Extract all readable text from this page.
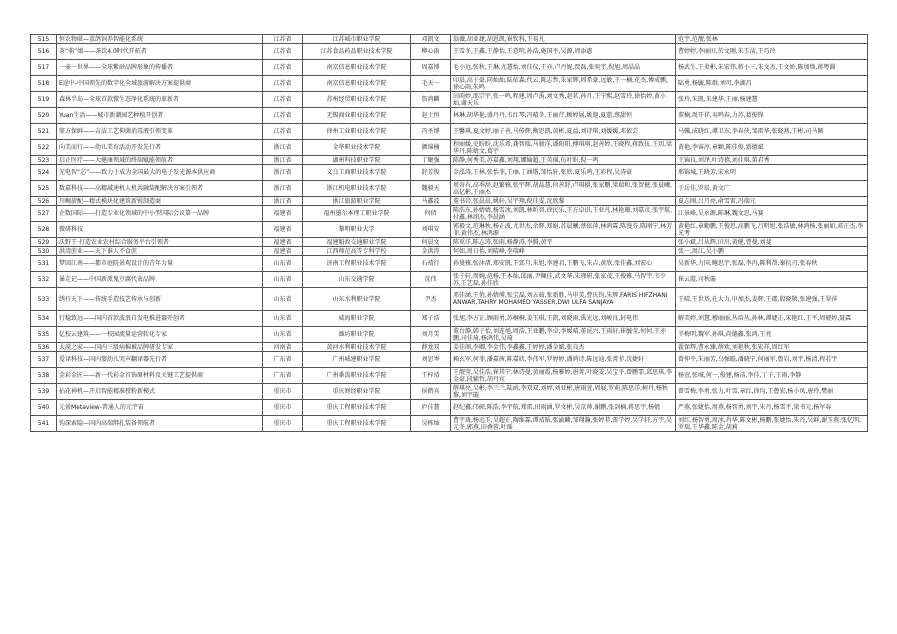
515	恒农物联—蛋鸽饲养智能化系统	江苏省	江苏城市职业学院	邓凯文	翁薇,胡亚捷,胡恩凯,崔钦科,王易凡	范宇,范靓,张林
516	茶“萌”娘——茶饮4.0时代开拓者	江苏省	江苏食品药品职业技术学院	柳心雨	王雪冬,王鑫,王静怡,王意明,孙浩,施国平,吴源,周添惠	曹婷婷,李丽田,於文刚,朱玉洁,王巧玲
517	一壶一世界——全球紫砂品牌形象的传播者	江苏省	南京信息职业技术学院	周嘉博	毛小远,张秋,王琳,尤慧怡,刘佳仪,王亦,卢丹妮,贾磊,张奕宇,倪旭,周晶晶	杨武生,王炎彬,朱宏伟,蒋小三,朱文杰,王文娇,陈加焕,蒋粤圆
518	E途中-中国领先的数字化全域旅游解决方案提供商	江苏省	南京信息职业技术学院	毛天一	印晨,高于豪,同灿灿,陆依森,代云,陈志哲,朱家辉,周希豪,远敏,王一楠,花杰,傅成鹏,徐心雨,朱鸣	陆勇,杨毓,陈群,刘可,李湖昌
519	森林半岛—全球首款微生态净化系统的革新者	江苏省	苏州经贸职业技术学院	詹鸿麟	田雨婷,邵宗宇,张一鸣,程建,周卢禹,刘文秀,赵茗,孙月,王宁熙,赵雪玲,徐怡婷,黄小灿,谢天乐	张玲,朱凯,朱建华,王丽,杨建慧
520	Yuan生活——城市新潮园艺种植开创者	江苏省	无锡商业职业技术学院	赵士恒	林琳,胡华艳,盛丹丹,韦红琴,冯晴冬,王丽芹,顾婷展,姚迦,夏慈,蔡甜恒	董楠,周开祥,夷鸣春,力苏,葛俊锋
521	简方保鲜——吉洁工艺抑菌消毒液引领变革	江苏省	徐州工业职业技术学院	冯圣博	王馨琪,夏文婷,丽子善,马传辉,衡思凯,黄彬,夏益,刘诗琪,刘媛媛,邓依芸	马骥,成晓红,谭卫东,李春侠,邹雷华,张晓燕,王彬,司马颍
522	向美而行——幼儿美育活动开发先行者	浙江省	金华职业技术学院	颜锦楠	程丽媛,史盼盼,沈乐希,龚智瑞,马骏洋,潘阳阳,傅琪琪,赵善婷,王晓程,蒋致伍,王玥,梁华丹,陈婧文,葛宇	黄艳,李睿淳,章颖,陈佳俊,新德斌
523	启正医疗——大健康领域的终端赋能领航者	浙江省	湖州科技职业学院	丁聚强	陈静,何秀美,苏嘉鑫,刘翔,娜愉超,王英瑶,伍叶盼,倪一鸣	王锦良,刘泽,叶诗禧,刘佳琪,董君秀
524	光电智“芯”——致力于成为全国最大的电子发光源本供应商	浙江省	义乌工商职业技术学院	舒芳俊	金泓涛,王林,张怡菲,王丽,丁涵锴,邹怡轩,张欣,夏乐鸣,王彩程,吴涛豪	邢锦城,王晓芳,宋永明
525	数嘉科技——高精减速机人机共融装配解决方案引领者	浙江省	浙江机电职业技术学院	魏毅天	周奇有,高季辞,赵繁雅,张宇辉,胡晶慧,何善舒,卢琪棋,张家鹏,梁瑞和,张贺健,张晨曦,高亿彬,王丽杰	于岳佳,罗辰,黄文广
526	川畹旋配—精式模块化建筑新锐制造商	浙江省	浙江旅游职业学院	马鑫波	董书岩,张晨晨,姚轩,吴宇翔,倪佳雯,沈欣黎	夏志刚,吕月亮,俞雪雷,冯瑞元
527	企数国际——打造专业化领域的中小型国际会议第一品牌	福建省	福州墨尔本理工职业学院	何倩	陈浩东,孙婧婧,杨雪冰,刘凯,林昕智,徐民乐,王方卓识,王亚凡,林艳珊,刘嘉彦,张宇航,付鑫,林翊杰,李晨涵	江景峰,吴永源,陈琳,魏文思,马赛
528	微研科技	福建省	黎明职业大学	刘琪安	郭毅文,范琳秋,杨正波,尤世杰,余辉,郑娟,苏晨曦,蔡依萍,林鸿霖,陈漫芬,陈刚宁,林芳菲,黄伟杰,林鸿源	黄艳红,章勤鹏,王俊思,高鹏飞,吕明旭,张浩敏,林鸿杨,张丽如,邓正杰,李光考
529	沃野王·打造农业农村综合服务平台引领者	福建省	福建船政交通职业学院	何晨文	陈重洋,陈志涛,张雨,杨静涛,李腾,黄宇	张小斌,吕从辉,田川,黄健,曹曼,刘斐
530	洪湾蔗业——天下谁人不食蔗	福建省	江西师范高等专科学校	金洪涛	何如,周日怡,刘晴峰,李瑞峰	张一,周江,吴小鹏
531	梦回江南——都市庭院景观设计的青年力量	山东省	济南工程职业技术学院	石靖行	孙曼雅,张沐渚,郑安凯,王郅月,朱旭,李建君,王鹏飞,朱吉,黄欣,张佳鑫,刘宏心	吴新华,力国,鲍思宇,张磊,李冉,陈利帮,秦抗刃,张春秋
532	暴走记——中国新派鬼豆腐代表品牌	山东省	山东交通学院	沈伟	张于轩,周婉,范杨,王本灿,邱丽,尹佩佳,武文华,朱瑾研,张家茂,王俊雅,马智宇,韦少苏,王艺磊,孙佳欣	崔云霞,司秋璇
533	绣行天下——传统手造技艺传承与创新	山东省	山东水利职业学院	尹杰	邓佳涵,王俏,孙婧博,张宝磊,刘五茹,张新胜,马申美,曹庆钧,朱辉,FARIS HIFZHANI ANWAR,TAHRY MOHAMED YASSER,DWI ULFA SANJAYA	王晴,王世基,孔大力,申加杰,姜辉,王郡,殷晓敬,张建强,王翠萍
534	行稳致远——国内首款波浪自发电推进器开创者	山东省	威海职业学院	郑子浩	张旭,李方正,顾雨勇,苏桐桐,姜玉琪,王凯,刘晓雨,禹光远,刘峻良,封电伟	解美婷,刘慧,穆丽丽,丛培丛,孙林,谭婕正,宋艳红,王平,周琥婷,聂霖
535	亿校云建筑——一校园流量运营转化专家	山东省	潍坊职业学院	刘月美	董台静,韩子怡,刘连旭,周浩,王亚鹏,李卓,李媛晴,董昆兴,王雨轩,崔毓莹,何何,王亦鹏,司佳琦,杨鸿伟,吴琦	辛梅明,魏军,孙琪,尚德鑫,张鸿,王亮
536	大漠之家——国内三级病棉被品牌研发专家	河南省	黄河水利职业技术学院	薛龙双	姜佳阁,李卿,李金伟,李鑫鑫,王婷婷,潘金斌,张良杰	翟保辉,曹永臻,薛欢,刘艳秋,张宏祥,周红军
537	爱译科技—国内婴幼儿哭声翻译器先行者	广东省	广州城建职业学院	刘思岑	赖玄军,何菲,潘嘉茜,陈嘉欣,李伟军,罗婷婷,潘鸿诗,陈远迪,张菁菲,沈婕轩	曾仲平,朱丽芳,乌强聪,潘晓宁,何丽军,鲁岩,刘宇,杨清,程若宇
538	金彩金匠——新一代彩金首饰原材料及关键工艺提供商	广东省	广州番禺职业技术学院	王梓靖	王靓莹,吴佳浩,崔其宁,林诗曼,黄丽霞,杨雅婷,唐菁,叶晓雯,吴宝平,曾鹏霏,邱思琪,李金豪,段辅哲,胡丹宾	杨萱,张城,何一,俊建,杨洁,李佳,丁子,王雨,李静
539	拈花神机—开启智能精准授粉新模式	重庆市	重庆财经职业学院	侯鹤宾	薛琪亮,吴彬,李兰兰,陆函,李双双,刘婷,刘亚彬,唐雨萱,周展,罗莉,陈思洋,柯丹,杨秋黎,刘宇璇	曾雪梅,李勇,张力,叶雪,章红,徐均,王鲁宏,杨小凤,唐玲,樊丽
540	元景Metaview-普通人的元宇宙	重庆市	重庆工程职业技术学院	庐佳慧	赵纪鑫,邝硕,陈浩,李宇航,郑雷,田雨涵,罗文彬,吴京帅,谢鹏,张剑楠,蒋思宇,杨婧	严燕,张婕怡,周燕,杨智勇,刘宇,朱丹,杨雪平,梁书元,杨军春
541	钩深索隐—国内高端绑扎装备领航者	重庆市	重庆工程职业技术学院	吴栋灿	曹宇珑,杨远玉,吴超正,陶维霖,谭靖韬,张渝麟,邹翔瀚,张婷菲,雷学婷,吴学轩,方宇,吴元冬,郭燕,田叠蓉,叶瑶	刘红,杨智勇,周冰,肖华,陈文彬,杨鹏,张婕怡,朱丹,吴鲜,谢玉燕,张忆明,罗瑞,王华鑫,陈金,胡莉
